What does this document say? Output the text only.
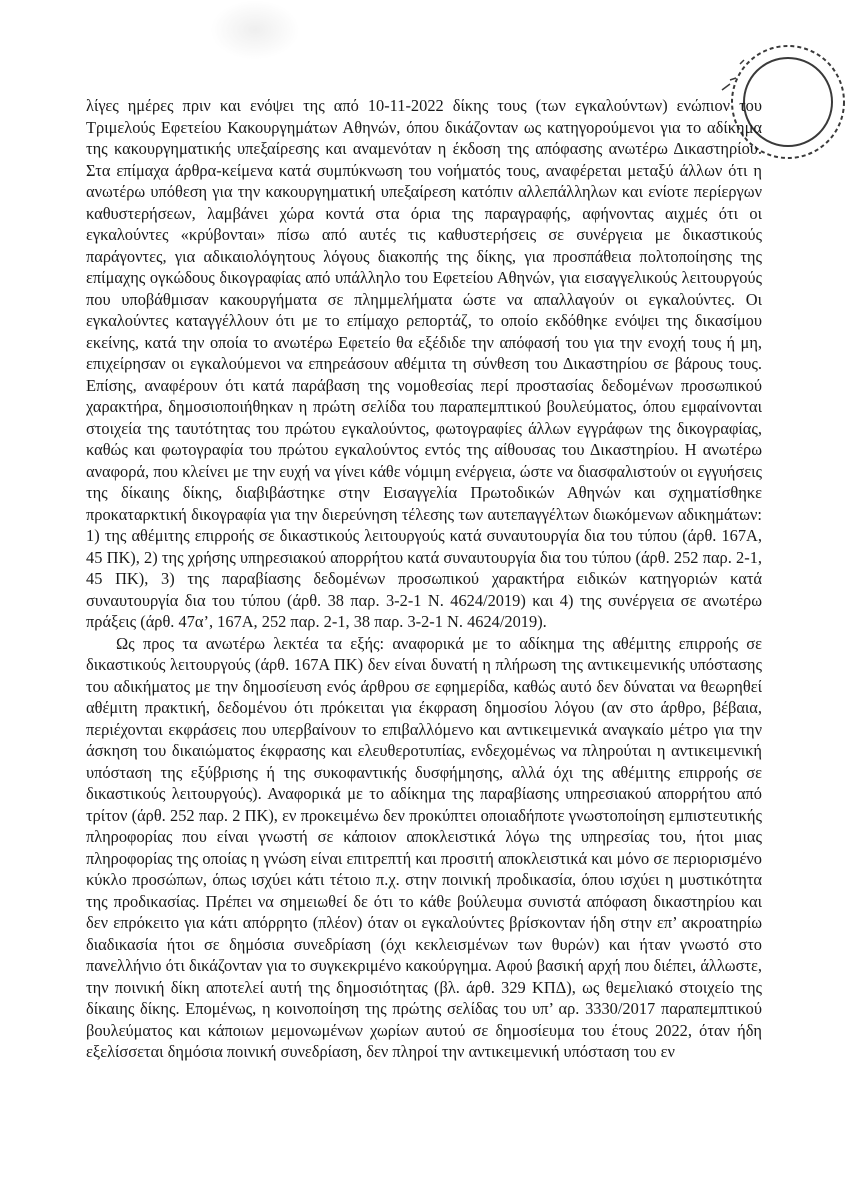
λίγες ημέρες πριν και ενόψει της από 10-11-2022 δίκης τους (των εγκαλούντων) ενώπιον του Τριμελούς Εφετείου Κακουργημάτων Αθηνών, όπου δικάζονταν ως κατηγορούμενοι για το αδίκημα της κακουργηματικής υπεξαίρεσης και αναμενόταν η έκδοση της απόφασης ανωτέρω Δικαστηρίου. Στα επίμαχα άρθρα-κείμενα κατά συμπύκνωση του νοήματός τους, αναφέρεται μεταξύ άλλων ότι η ανωτέρω υπόθεση για την κακουργηματική υπεξαίρεση κατόπιν αλλεπάλληλων και ενίοτε περίεργων καθυστερήσεων, λαμβάνει χώρα κοντά στα όρια της παραγραφής, αφήνοντας αιχμές ότι οι εγκαλούντες «κρύβονται» πίσω από αυτές τις καθυστερήσεις σε συνέργεια με δικαστικούς παράγοντες, για αδικαιολόγητους λόγους διακοπής της δίκης, για προσπάθεια πολτοποίησης της επίμαχης ογκώδους δικογραφίας από υπάλληλο του Εφετείου Αθηνών, για εισαγγελικούς λειτουργούς που υποβάθμισαν κακουργήματα σε πλημμελήματα ώστε να απαλλαγούν οι εγκαλούντες. Οι εγκαλούντες καταγγέλλουν ότι με το επίμαχο ρεπορτάζ, το οποίο εκδόθηκε ενόψει της δικασίμου εκείνης, κατά την οποία το ανωτέρω Εφετείο θα εξέδιδε την απόφασή του για την ενοχή τους ή μη, επιχείρησαν οι εγκαλούμενοι να επηρεάσουν αθέμιτα τη σύνθεση του Δικαστηρίου σε βάρους τους. Επίσης, αναφέρουν ότι κατά παράβαση της νομοθεσίας περί προστασίας δεδομένων προσωπικού χαρακτήρα, δημοσιοποιήθηκαν η πρώτη σελίδα του παραπεμπτικού βουλεύματος, όπου εμφαίνονται στοιχεία της ταυτότητας του πρώτου εγκαλούντος, φωτογραφίες άλλων εγγράφων της δικογραφίας, καθώς και φωτογραφία του πρώτου εγκαλούντος εντός της αίθουσας του Δικαστηρίου. Η ανωτέρω αναφορά, που κλείνει με την ευχή να γίνει κάθε νόμιμη ενέργεια, ώστε να διασφαλιστούν οι εγγυήσεις της δίκαιης δίκης, διαβιβάστηκε στην Εισαγγελία Πρωτοδικών Αθηνών και σχηματίσθηκε προκαταρκτική δικογραφία για την διερεύνηση τέλεσης των αυτεπαγγέλτων διωκόμενων αδικημάτων: 1) της αθέμιτης επιρροής σε δικαστικούς λειτουργούς κατά συναυτουργία δια του τύπου (άρθ. 167Α, 45 ΠΚ), 2) της χρήσης υπηρεσιακού απορρήτου κατά συναυτουργία δια του τύπου (άρθ. 252 παρ. 2-1, 45 ΠΚ), 3) της παραβίασης δεδομένων προσωπικού χαρακτήρα ειδικών κατηγοριών κατά συναυτουργία δια του τύπου (άρθ. 38 παρ. 3-2-1 Ν. 4624/2019) και 4) της συνέργεια σε ανωτέρω πράξεις (άρθ. 47α’, 167Α, 252 παρ. 2-1, 38 παρ. 3-2-1 Ν. 4624/2019).

Ως προς τα ανωτέρω λεκτέα τα εξής: αναφορικά με το αδίκημα της αθέμιτης επιρροής σε δικαστικούς λειτουργούς (άρθ. 167Α ΠΚ) δεν είναι δυνατή η πλήρωση της αντικειμενικής υπόστασης του αδικήματος με την δημοσίευση ενός άρθρου σε εφημερίδα, καθώς αυτό δεν δύναται να θεωρηθεί αθέμιτη πρακτική, δεδομένου ότι πρόκειται για έκφραση δημοσίου λόγου (αν στο άρθρο, βέβαια, περιέχονται εκφράσεις που υπερβαίνουν το επιβαλλόμενο και αντικειμενικά αναγκαίο μέτρο για την άσκηση του δικαιώματος έκφρασης και ελευθεροτυπίας, ενδεχομένως να πληρούται η αντικειμενική υπόσταση της εξύβρισης ή της συκοφαντικής δυσφήμησης, αλλά όχι της αθέμιτης επιρροής σε δικαστικούς λειτουργούς). Αναφορικά με το αδίκημα της παραβίασης υπηρεσιακού απορρήτου από τρίτον (άρθ. 252 παρ. 2 ΠΚ), εν προκειμένω δεν προκύπτει οποιαδήποτε γνωστοποίηση εμπιστευτικής πληροφορίας που είναι γνωστή σε κάποιον αποκλειστικά λόγω της υπηρεσίας του, ήτοι μιας πληροφορίας της οποίας η γνώση είναι επιτρεπτή και προσιτή αποκλειστικά και μόνο σε περιορισμένο κύκλο προσώπων, όπως ισχύει κάτι τέτοιο π.χ. στην ποινική προδικασία, όπου ισχύει η μυστικότητα της προδικασίας. Πρέπει να σημειωθεί δε ότι το κάθε βούλευμα συνιστά απόφαση δικαστηρίου και δεν επρόκειτο για κάτι απόρρητο (πλέον) όταν οι εγκαλούντες βρίσκονταν ήδη στην επ’ ακροατηρίω διαδικασία ήτοι σε δημόσια συνεδρίαση (όχι κεκλεισμένων των θυρών) και ήταν γνωστό στο πανελλήνιο ότι δικάζονταν για το συγκεκριμένο κακούργημα. Αφού βασική αρχή που διέπει, άλλωστε, την ποινική δίκη αποτελεί αυτή της δημοσιότητας (βλ. άρθ. 329 ΚΠΔ), ως θεμελιακό στοιχείο της δίκαιης δίκης. Επομένως, η κοινοποίηση της πρώτης σελίδας του υπ’ αρ. 3330/2017 παραπεμπτικού βουλεύματος και κάποιων μεμονωμένων χωρίων αυτού σε δημοσίευμα του έτους 2022, όταν ήδη εξελίσσεται δημόσια ποινική συνεδρίαση, δεν πληροί την αντικειμενική υπόσταση του εν
